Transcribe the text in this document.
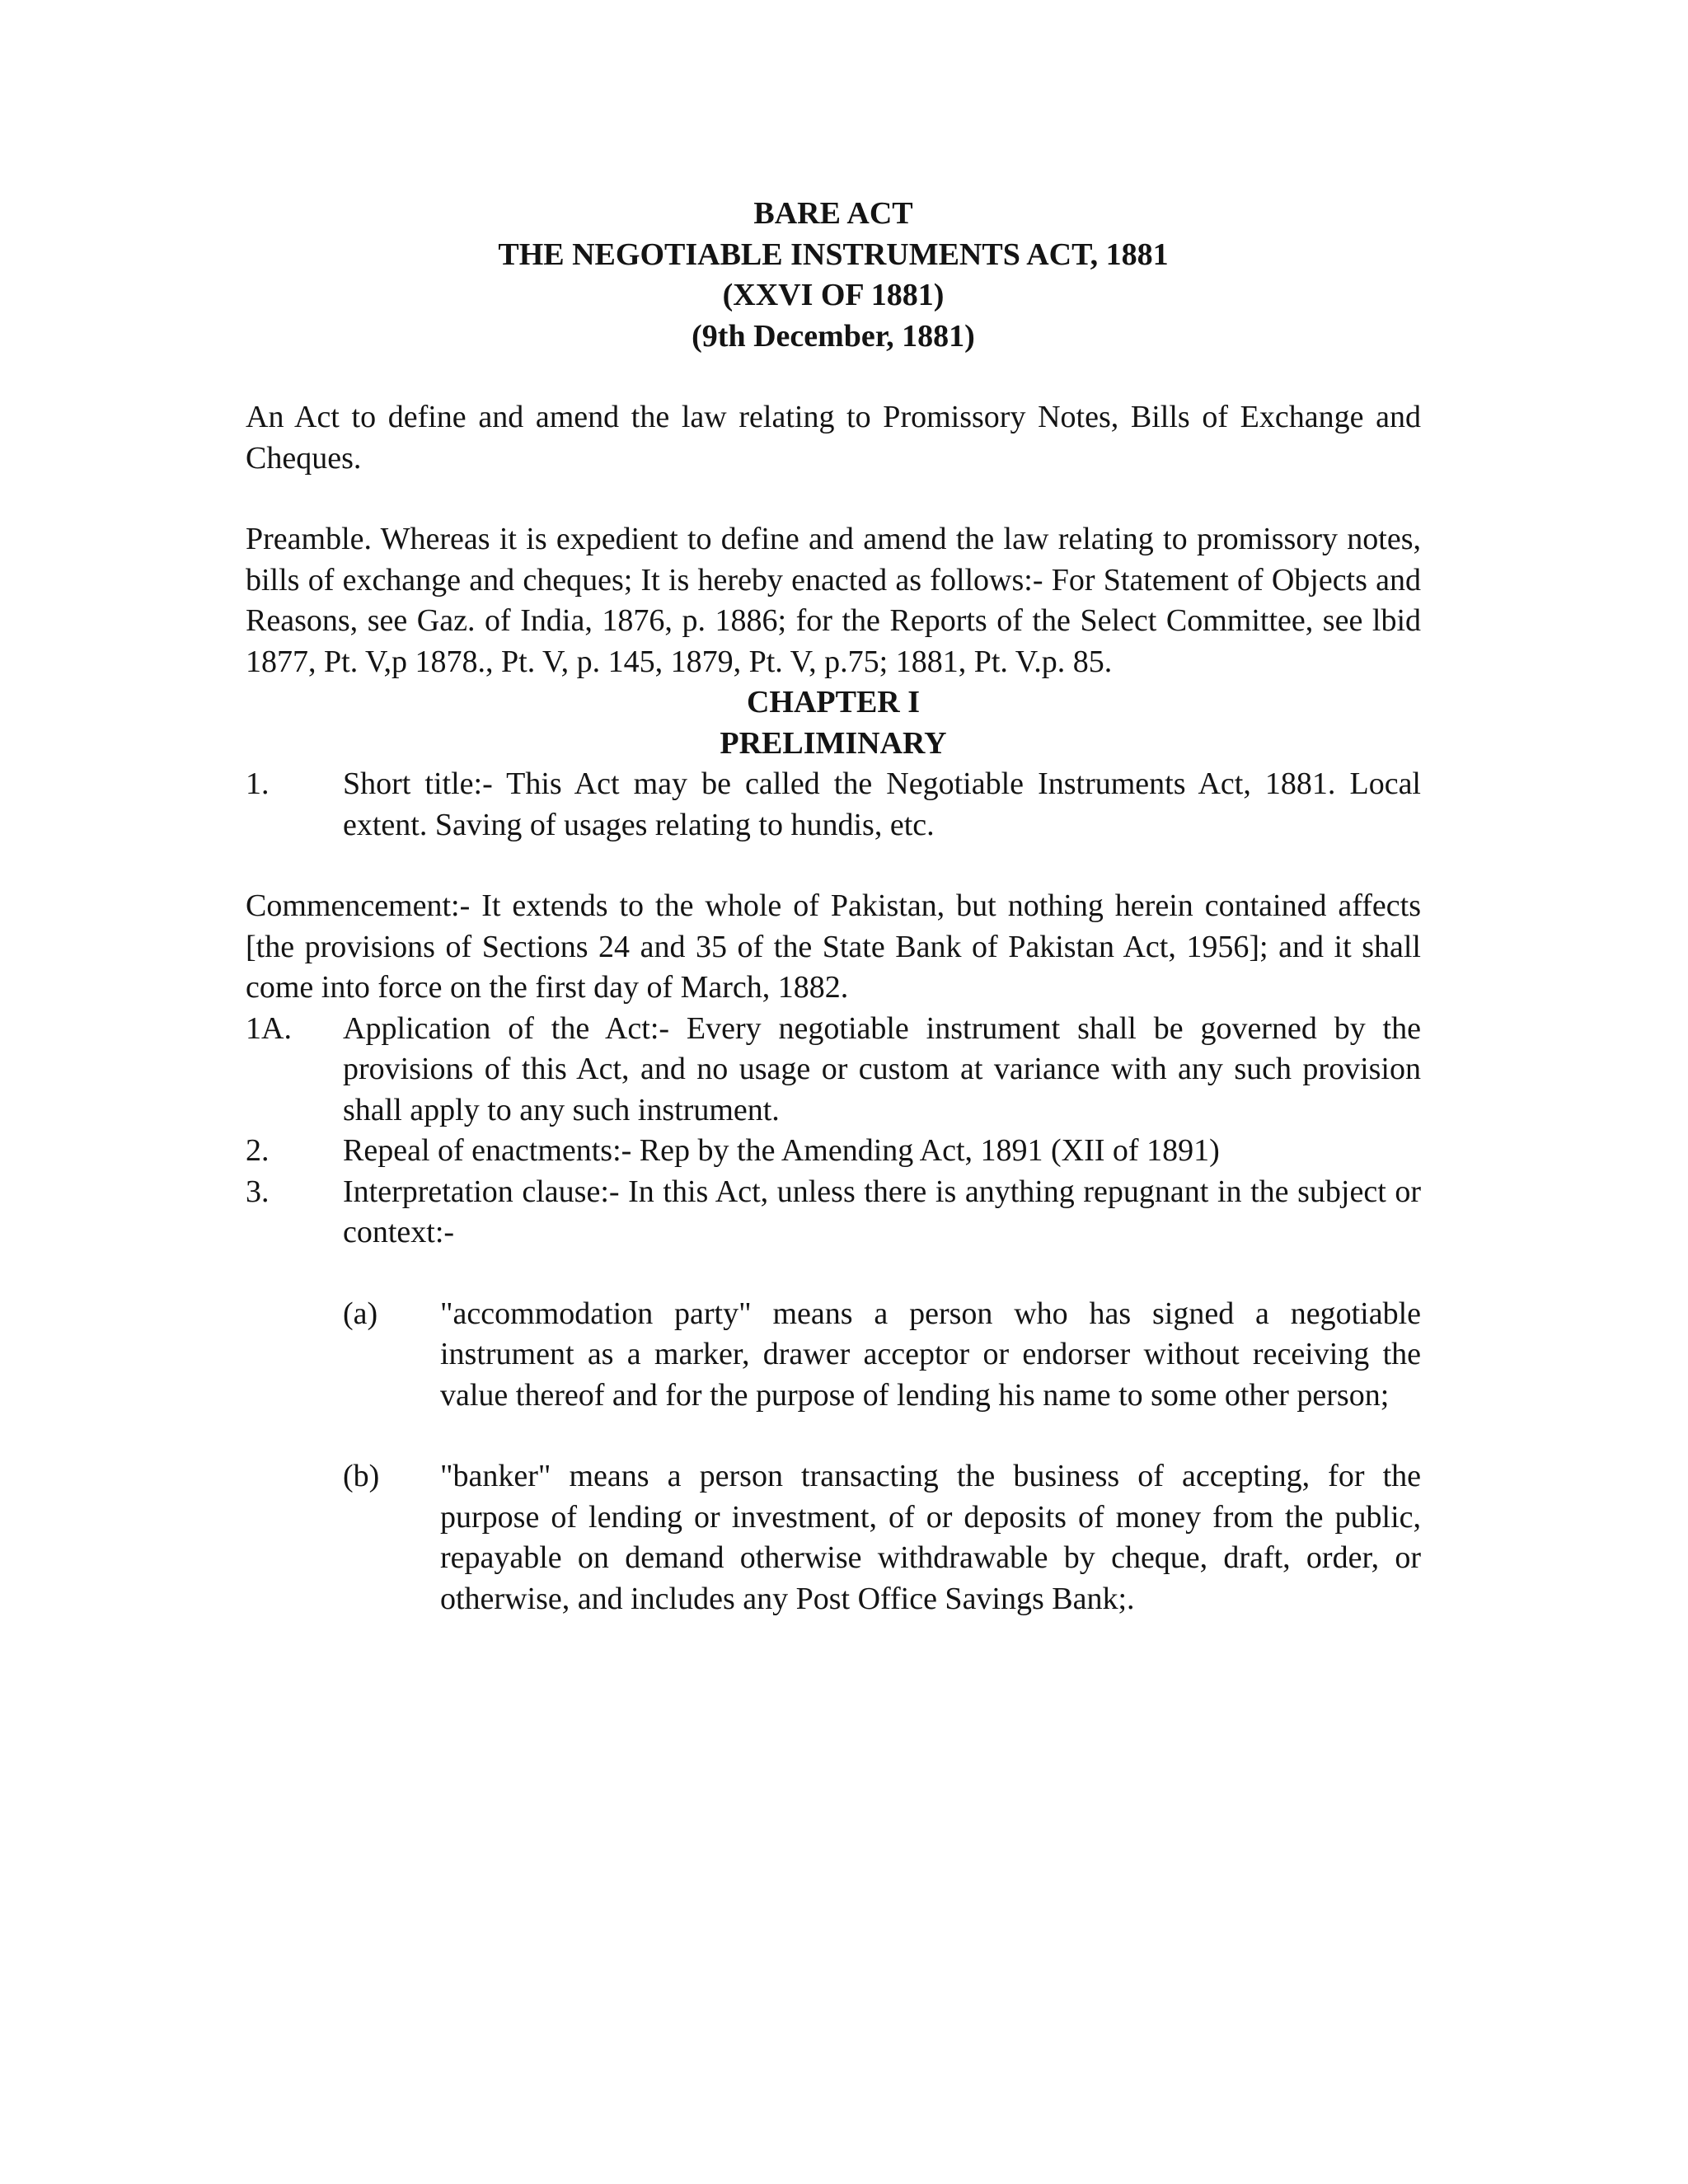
BARE ACT
THE NEGOTIABLE INSTRUMENTS ACT, 1881
(XXVI OF 1881)
(9th December, 1881)

An Act to define and amend the law relating to Promissory Notes, Bills of Exchange and Cheques.

Preamble. Whereas it is expedient to define and amend the law relating to promissory notes, bills of exchange and cheques; It is hereby enacted as follows:- For Statement of Objects and Reasons, see Gaz. of India, 1876, p. 1886; for the Reports of the Select Committee, see lbid 1877, Pt. V,p 1878., Pt. V, p. 145, 1879, Pt. V, p.75; 1881, Pt. V.p. 85.

CHAPTER I
PRELIMINARY
1.	Short title:- This Act may be called the Negotiable Instruments Act, 1881. Local extent. Saving of usages relating to hundis, etc.

Commencement:- It extends to the whole of Pakistan, but nothing herein contained affects [the provisions of Sections 24 and 35 of the State Bank of Pakistan Act, 1956]; and it shall come into force on the first day of March, 1882.

1A.	Application of the Act:- Every negotiable instrument shall be governed by the provisions of this Act, and no usage or custom at variance with any such provision shall apply to any such instrument.
2.	Repeal of enactments:- Rep by the Amending Act, 1891 (XII of 1891)
3.	Interpretation clause:- In this Act, unless there is anything repugnant in the subject or context:-
(a)	"accommodation party" means a person who has signed a negotiable instrument as a marker, drawer acceptor or endorser without receiving the value thereof and for the purpose of lending his name to some other person;
(b)	"banker" means a person transacting the business of accepting, for the purpose of lending or investment, of or deposits of money from the public, repayable on demand otherwise withdrawable by cheque, draft, order, or otherwise, and includes any Post Office Savings Bank;.
